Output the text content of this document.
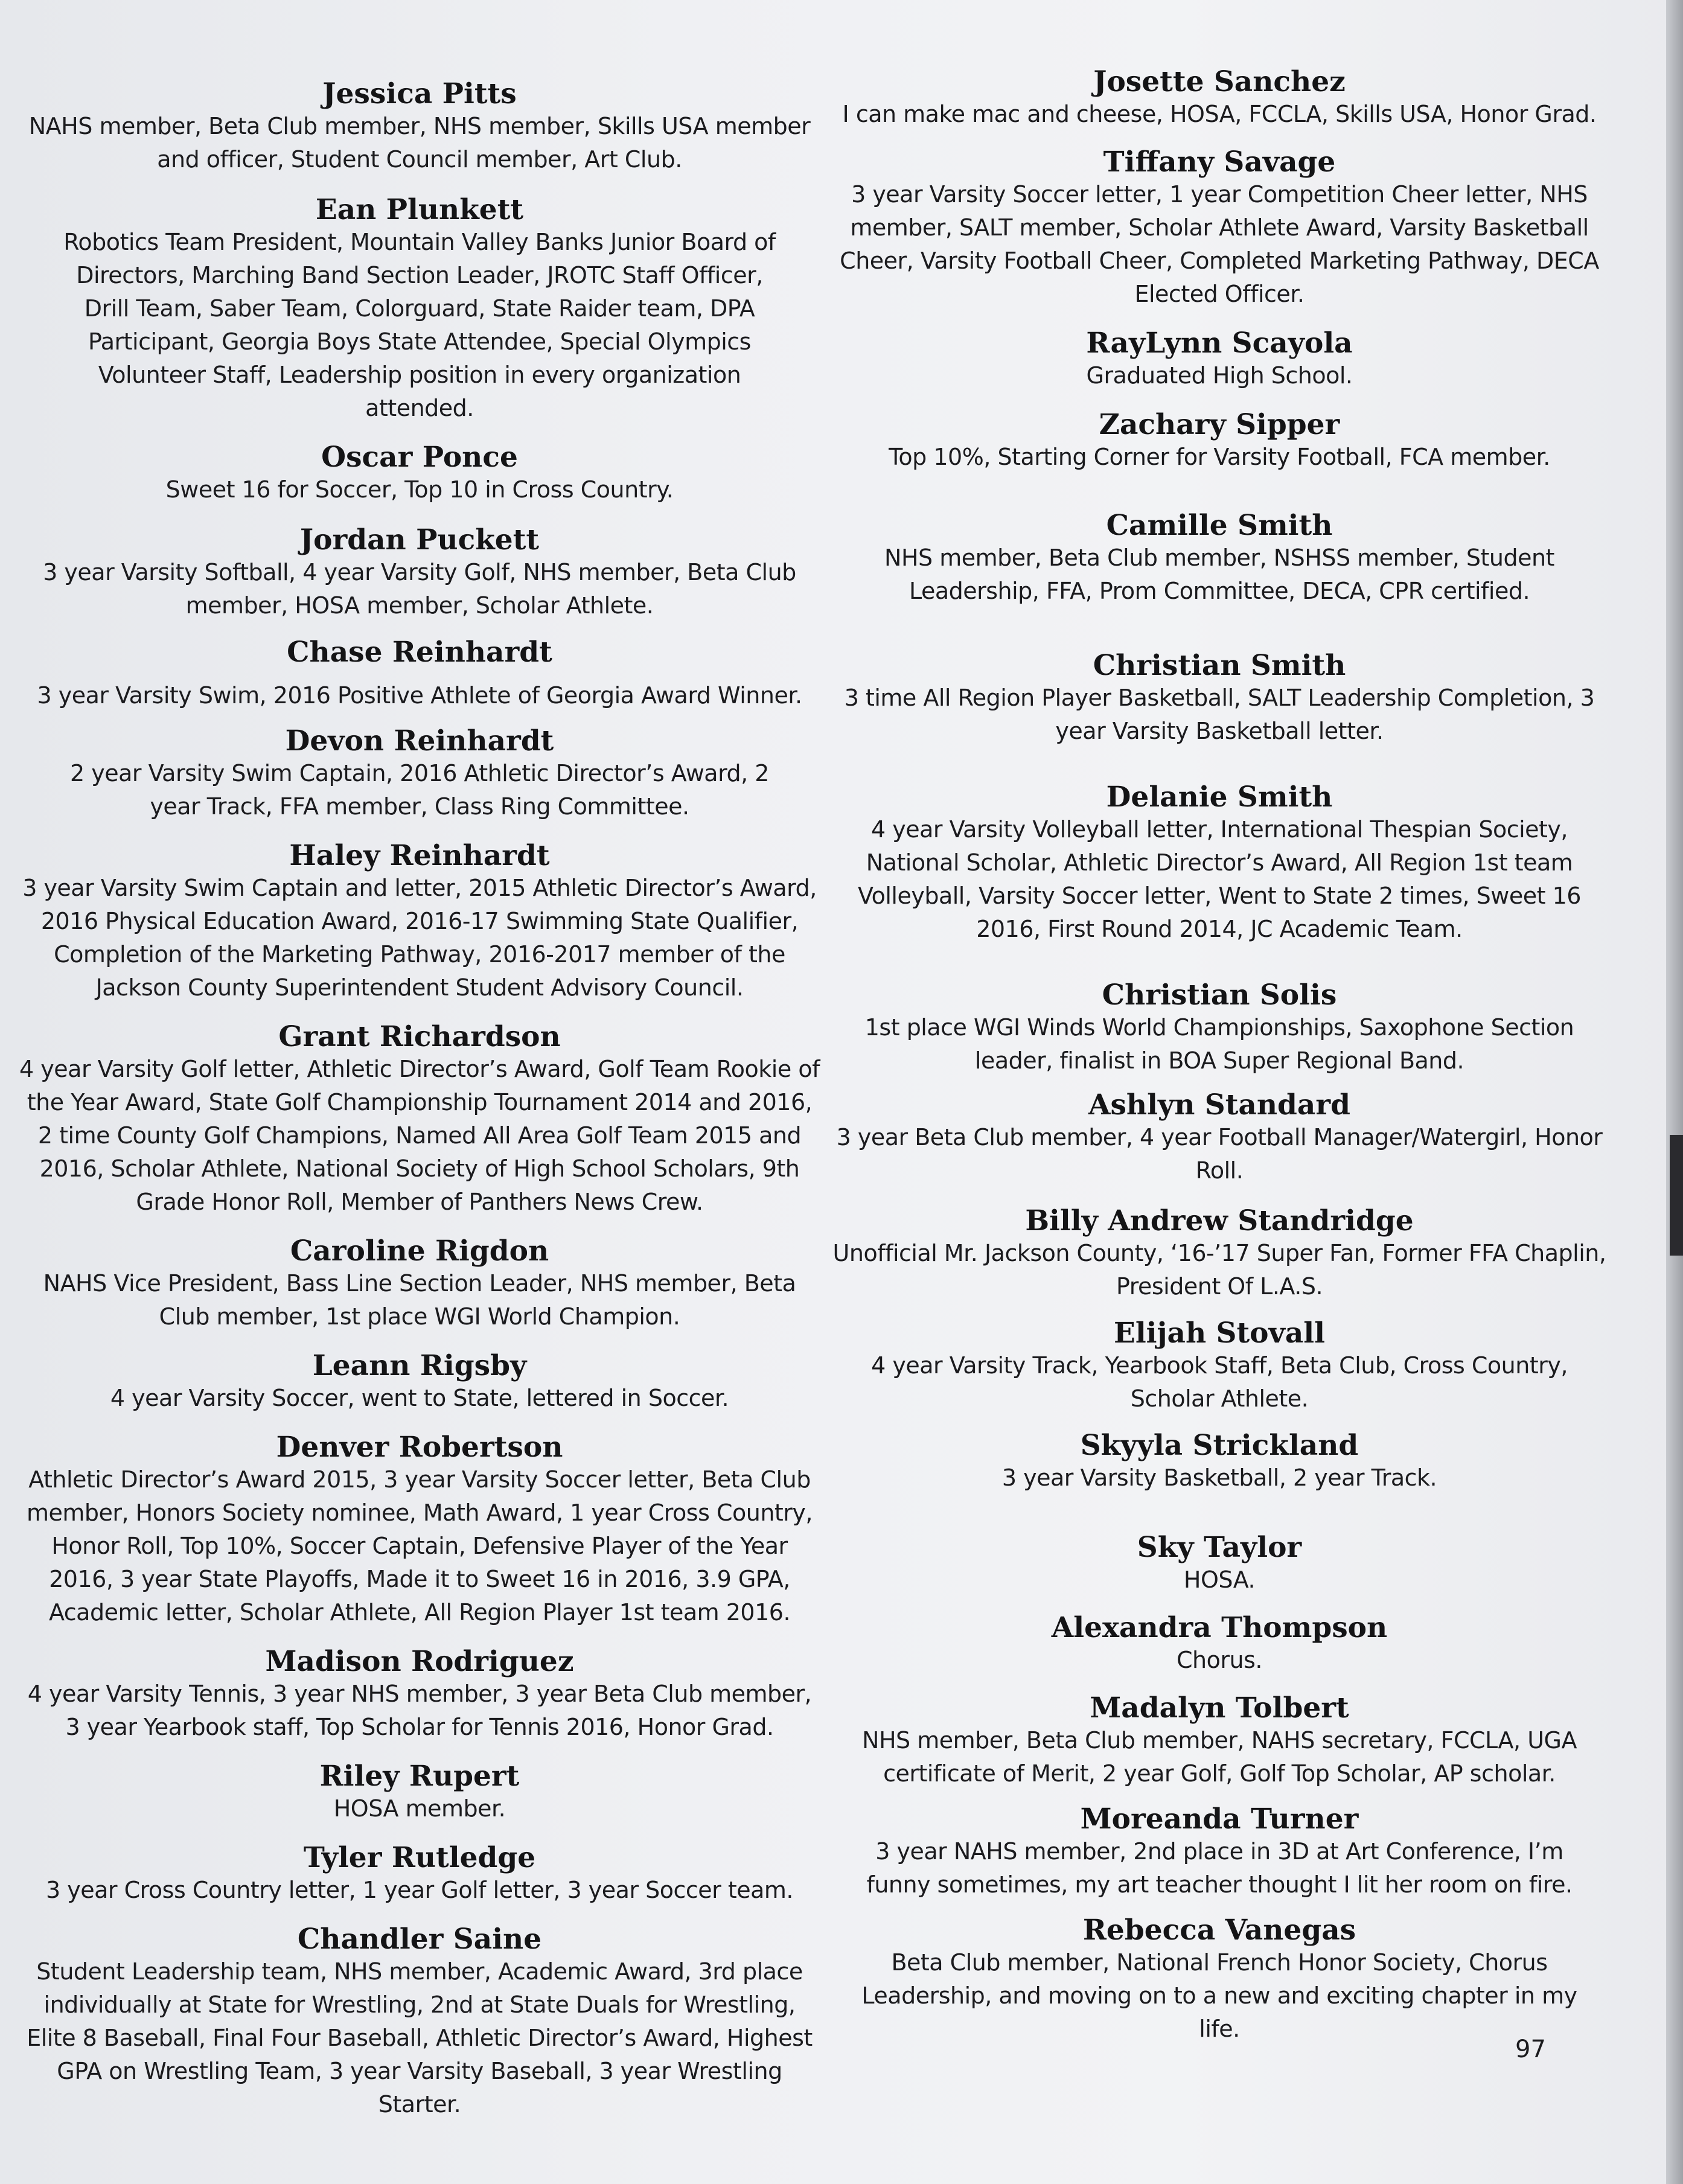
Jessica Pitts
NAHS member, Beta Club member, NHS member, Skills USA member and officer, Student Council member, Art Club.
Ean Plunkett
Robotics Team President, Mountain Valley Banks Junior Board of Directors, Marching Band Section Leader, JROTC Staff Officer, Drill Team, Saber Team, Colorguard, State Raider team, DPA Participant, Georgia Boys State Attendee, Special Olympics Volunteer Staff, Leadership position in every organization attended.
Oscar Ponce
Sweet 16 for Soccer, Top 10 in Cross Country.
Jordan Puckett
3 year Varsity Softball, 4 year Varsity Golf, NHS member, Beta Club member, HOSA member, Scholar Athlete.
Chase Reinhardt
3 year Varsity Swim, 2016 Positive Athlete of Georgia Award Winner.
Devon Reinhardt
2 year Varsity Swim Captain, 2016 Athletic Director’s Award, 2 year Track, FFA member, Class Ring Committee.
Haley Reinhardt
3 year Varsity Swim Captain and letter, 2015 Athletic Director’s Award, 2016 Physical Education Award, 2016-17 Swimming State Qualifier, Completion of the Marketing Pathway, 2016-2017 member of the Jackson County Superintendent Student Advisory Council.
Grant Richardson
4 year Varsity Golf letter, Athletic Director’s Award, Golf Team Rookie of the Year Award, State Golf Championship Tournament 2014 and 2016, 2 time County Golf Champions, Named All Area Golf Team 2015 and 2016, Scholar Athlete, National Society of High School Scholars, 9th Grade Honor Roll, Member of Panthers News Crew.
Caroline Rigdon
NAHS Vice President, Bass Line Section Leader, NHS member, Beta Club member, 1st place WGI World Champion.
Leann Rigsby
4 year Varsity Soccer, went to State, lettered in Soccer.
Denver Robertson
Athletic Director’s Award 2015, 3 year Varsity Soccer letter, Beta Club member, Honors Society nominee, Math Award, 1 year Cross Country, Honor Roll, Top 10%, Soccer Captain, Defensive Player of the Year 2016, 3 year State Playoffs, Made it to Sweet 16 in 2016, 3.9 GPA, Academic letter, Scholar Athlete, All Region Player 1st team 2016.
Madison Rodriguez
4 year Varsity Tennis, 3 year NHS member, 3 year Beta Club member, 3 year Yearbook staff, Top Scholar for Tennis 2016, Honor Grad.
Riley Rupert
HOSA member.
Tyler Rutledge
3 year Cross Country letter, 1 year Golf letter, 3 year Soccer team.
Chandler Saine
Student Leadership team, NHS member, Academic Award, 3rd place individually at State for Wrestling, 2nd at State Duals for Wrestling, Elite 8 Baseball, Final Four Baseball, Athletic Director’s Award, Highest GPA on Wrestling Team, 3 year Varsity Baseball, 3 year Wrestling Starter.
Josette Sanchez
I can make mac and cheese, HOSA, FCCLA, Skills USA, Honor Grad.
Tiffany Savage
3 year Varsity Soccer letter, 1 year Competition Cheer letter, NHS member, SALT member, Scholar Athlete Award, Varsity Basketball Cheer, Varsity Football Cheer, Completed Marketing Pathway, DECA Elected Officer.
RayLynn Scayola
Graduated High School.
Zachary Sipper
Top 10%, Starting Corner for Varsity Football, FCA member.
Camille Smith
NHS member, Beta Club member, NSHSS member, Student Leadership, FFA, Prom Committee, DECA, CPR certified.
Christian Smith
3 time All Region Player Basketball, SALT Leadership Completion, 3 year Varsity Basketball letter.
Delanie Smith
4 year Varsity Volleyball letter, International Thespian Society, National Scholar, Athletic Director’s Award, All Region 1st team Volleyball, Varsity Soccer letter, Went to State 2 times, Sweet 16 2016, First Round 2014, JC Academic Team.
Christian Solis
1st place WGI Winds World Championships, Saxophone Section leader, finalist in BOA Super Regional Band.
Ashlyn Standard
3 year Beta Club member, 4 year Football Manager/Watergirl, Honor Roll.
Billy Andrew Standridge
Unofficial Mr. Jackson County, ‘16-’17 Super Fan, Former FFA Chaplin, President Of L.A.S.
Elijah Stovall
4 year Varsity Track, Yearbook Staff, Beta Club, Cross Country, Scholar Athlete.
Skyyla Strickland
3 year Varsity Basketball, 2 year Track.
Sky Taylor
HOSA.
Alexandra Thompson
Chorus.
Madalyn Tolbert
NHS member, Beta Club member, NAHS secretary, FCCLA, UGA certificate of Merit, 2 year Golf, Golf Top Scholar, AP scholar.
Moreanda Turner
3 year NAHS member, 2nd place in 3D at Art Conference, I’m funny sometimes, my art teacher thought I lit her room on fire.
Rebecca Vanegas
Beta Club member, National French Honor Society, Chorus Leadership, and moving on to a new and exciting chapter in my life.
97
